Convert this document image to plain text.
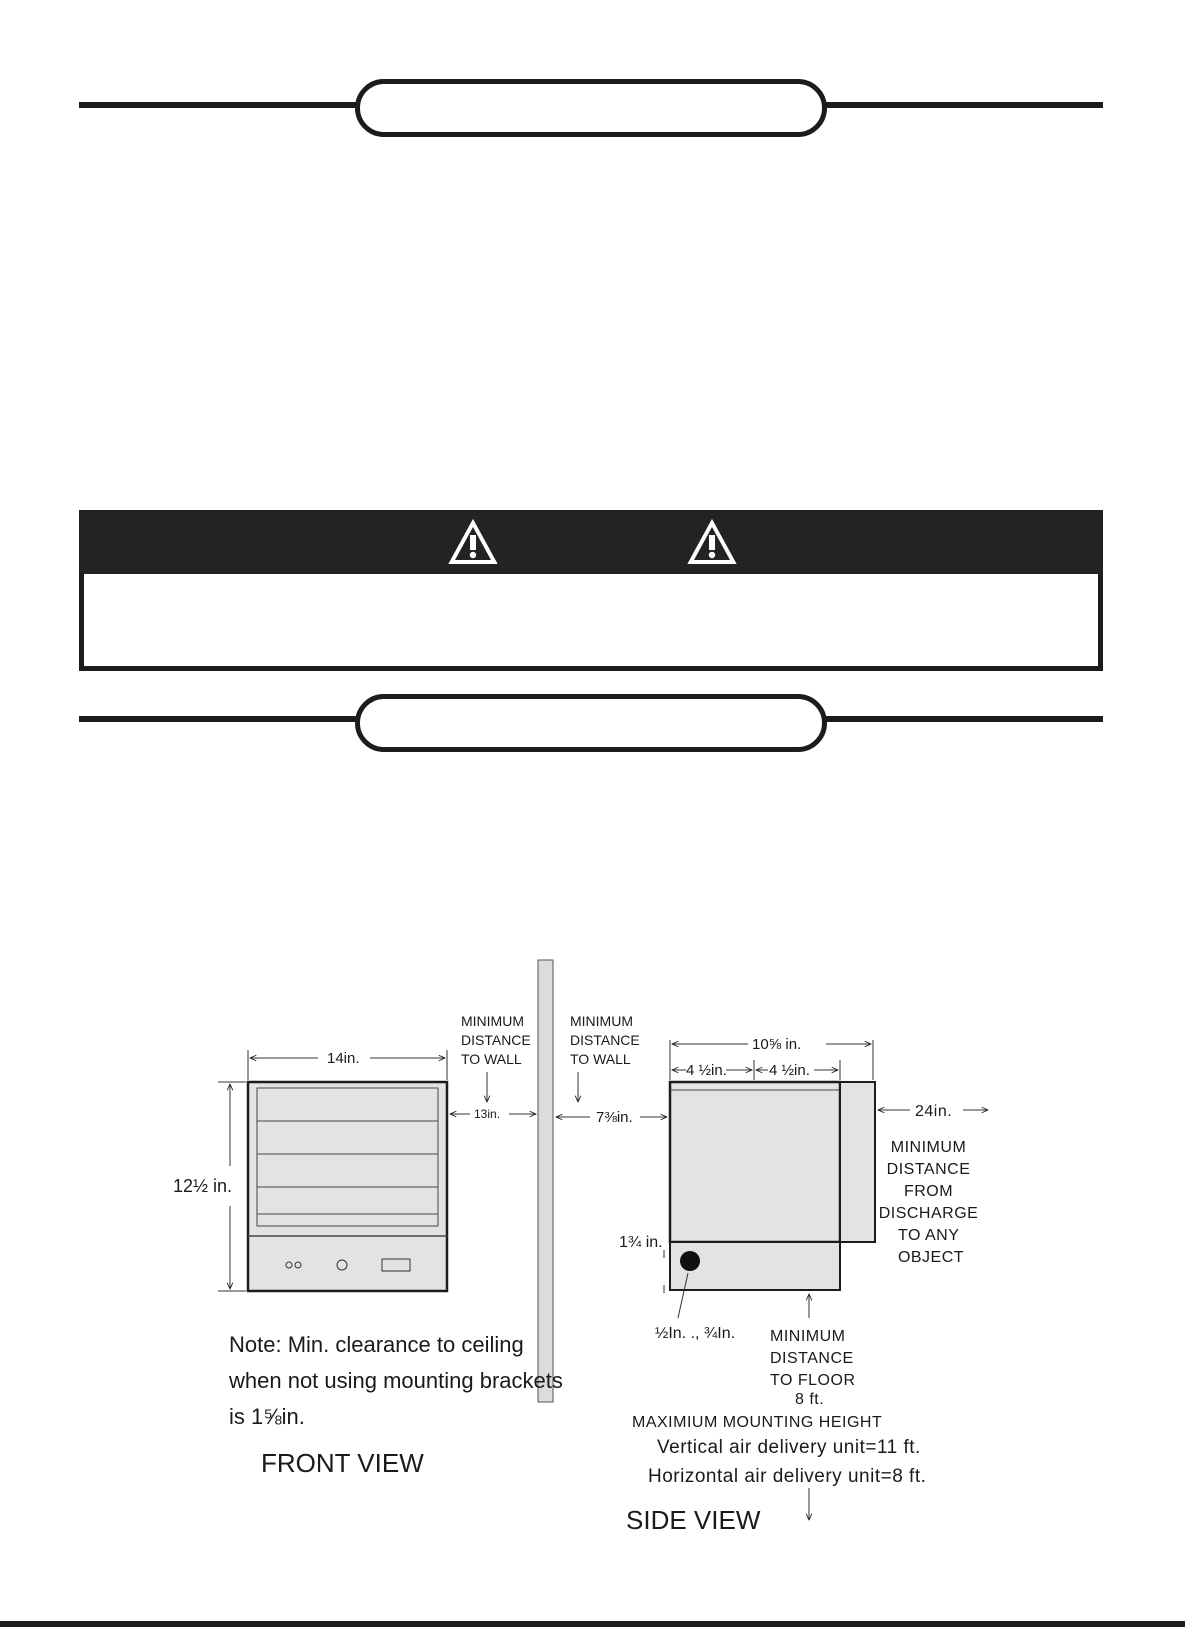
14in.
12½ in.
MINIMUM DISTANCE TO WALL
13in.
MINIMUM DISTANCE TO WALL
7⅜in.
10⅝ in.
4 ½in.	4 ½in.
24in.
MINIMUM DISTANCE FROM DISCHARGE TO ANY OBJECT
1¾ in.
½In. ., ¾In. MINIMUM DISTANCE TO FLOOR 8 ft.
Note: Min. clearance to ceiling when not using mounting brackets is 1⅝in.
FRONT VIEW
MAXIMIUM MOUNTING HEIGHT
Vertical air delivery unit=11 ft.
Horizontal air delivery unit=8 ft.
SIDE VIEW
